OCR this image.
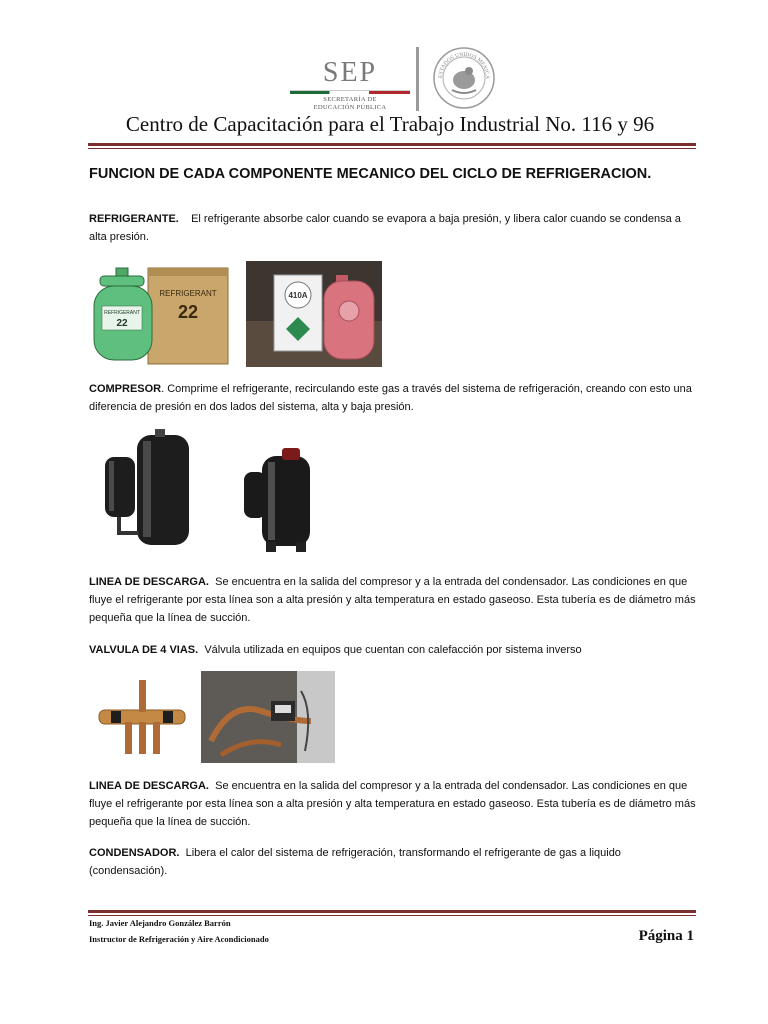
SEP
SECRETARÍA DE
EDUCACIÓN PÚBLICA
ESTADOS UNIDOS MEXICA
Centro de Capacitación para el Trabajo Industrial No. 116 y 96
FUNCION DE CADA COMPONENTE MECANICO DEL CICLO DE REFRIGERACION.
REFRIGERANTE. El refrigerante absorbe calor cuando se evapora a baja presión, y libera calor cuando se condensa a alta presión.
REFRIGERANT
22
REFRIGERANT
22
410A
COMPRESOR. Comprime el refrigerante, recirculando este gas a través del sistema de refrigeración, creando con esto una diferencia de presión en dos lados del sistema, alta y baja presión.
LINEA DE DESCARGA. Se encuentra en la salida del compresor y a la entrada del condensador. Las condiciones en que fluye el refrigerante por esta línea son a alta presión y alta temperatura en estado gaseoso. Esta tubería es de diámetro más pequeña que la línea de succión.
VALVULA DE 4 VIAS. Válvula utilizada en equipos que cuentan con calefacción por sistema inverso
LINEA DE DESCARGA. Se encuentra en la salida del compresor y a la entrada del condensador. Las condiciones en que fluye el refrigerante por esta línea son a alta presión y alta temperatura en estado gaseoso. Esta tubería es de diámetro más pequeña que la línea de succión.
CONDENSADOR. Libera el calor del sistema de refrigeración, transformando el refrigerante de gas a liquido (condensación).
Ing. Javier Alejandro González Barrón
Instructor de Refrigeración y Aire Acondicionado	Página 1
